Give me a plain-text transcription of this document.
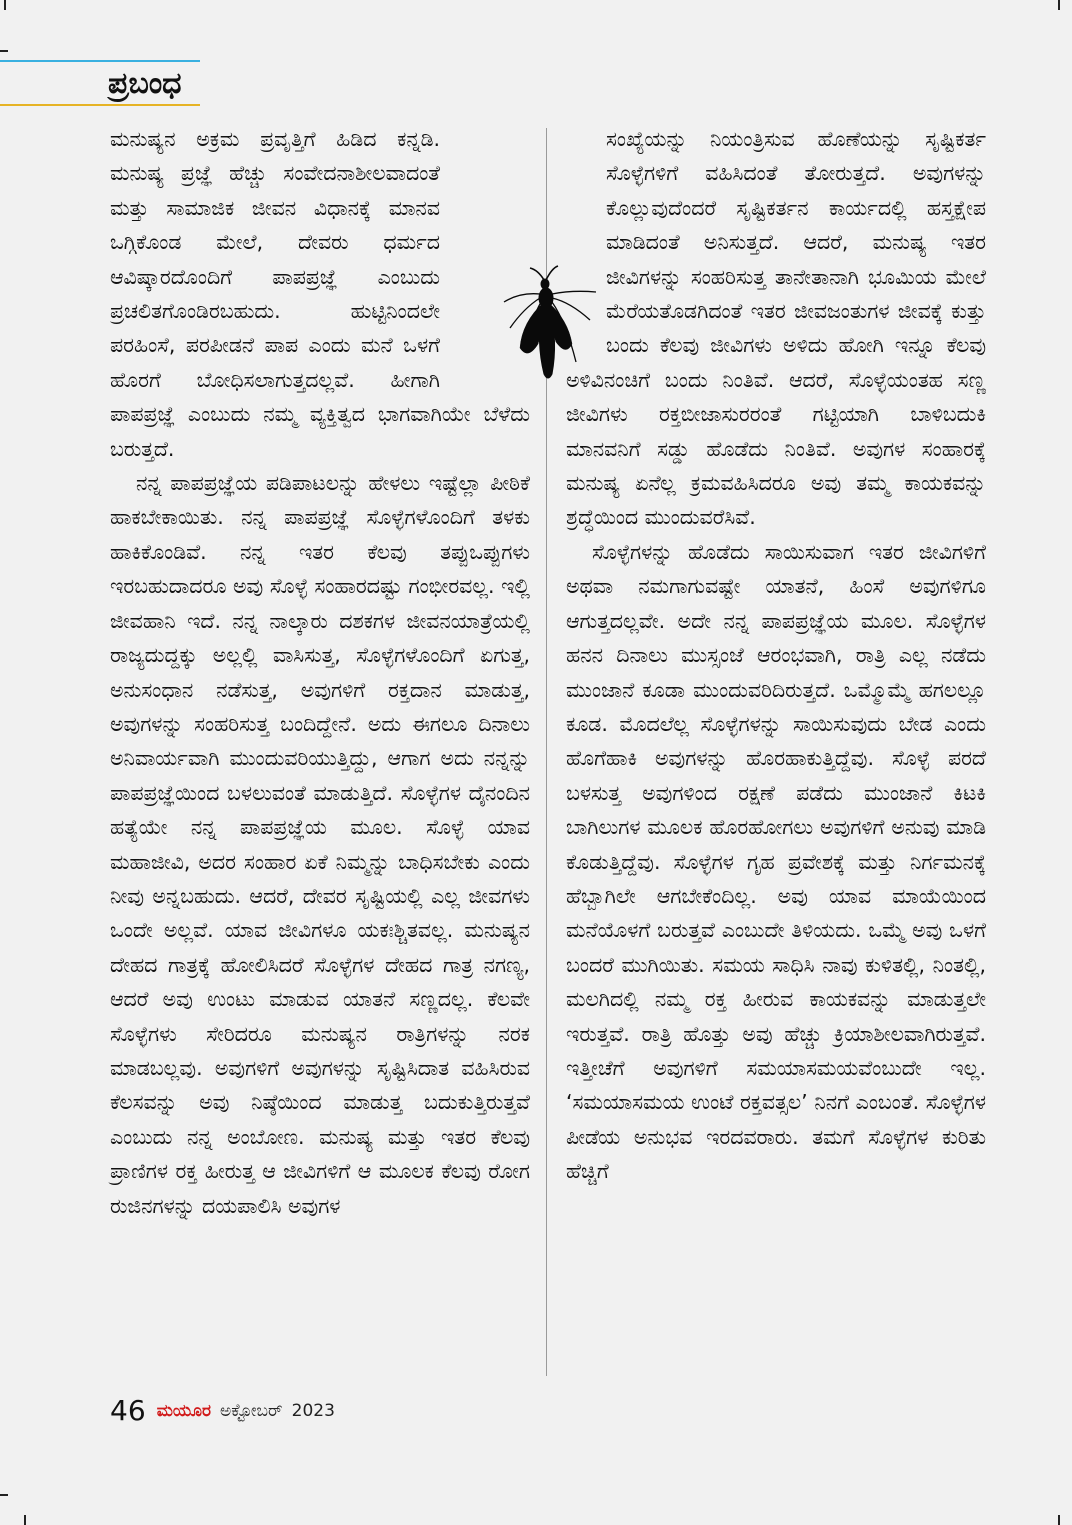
ಪ್ರಬಂಧ

ಮನುಷ್ಯನ ಅಕ್ರಮ ಪ್ರವೃತ್ತಿಗೆ ಹಿಡಿದ ಕನ್ನಡಿ. ಮನುಷ್ಯ ಪ್ರಜ್ಞೆ ಹೆಚ್ಚು ಸಂವೇದನಾಶೀಲವಾದಂತೆ ಮತ್ತು ಸಾಮಾಜಿಕ ಜೀವನ ವಿಧಾನಕ್ಕೆ ಮಾನವ ಒಗ್ಗಿಕೊಂಡ ಮೇಲೆ, ದೇವರು ಧರ್ಮದ ಆವಿಷ್ಕಾರದೊಂದಿಗೆ ಪಾಪಪ್ರಜ್ಞೆ ಎಂಬುದು ಪ್ರಚಲಿತಗೊಂಡಿರಬಹುದು. ಹುಟ್ಟಿನಿಂದಲೇ ಪರಹಿಂಸೆ, ಪರಪೀಡನೆ ಪಾಪ ಎಂದು ಮನೆ ಒಳಗೆ ಹೊರಗೆ ಬೋಧಿಸಲಾಗುತ್ತದಲ್ಲವೆ. ಹೀಗಾಗಿ ಪಾಪಪ್ರಜ್ಞೆ ಎಂಬುದು ನಮ್ಮ ವ್ಯಕ್ತಿತ್ವದ ಭಾಗವಾಗಿಯೇ ಬೆಳೆದು ಬರುತ್ತದೆ.

ನನ್ನ ಪಾಪಪ್ರಜ್ಞೆಯ ಪಡಿಪಾಟಲನ್ನು ಹೇಳಲು ಇಷ್ಟೆಲ್ಲಾ ಪೀಠಿಕೆ ಹಾಕಬೇಕಾಯಿತು. ನನ್ನ ಪಾಪಪ್ರಜ್ಞೆ ಸೊಳ್ಳೆಗಳೊಂದಿಗೆ ತಳಕು ಹಾಕಿಕೊಂಡಿವೆ. ನನ್ನ ಇತರ ಕೆಲವು ತಪ್ಪುಒಪ್ಪುಗಳು ಇರಬಹುದಾದರೂ ಅವು ಸೊಳ್ಳೆ ಸಂಹಾರದಷ್ಟು ಗಂಭೀರವಲ್ಲ. ಇಲ್ಲಿ ಜೀವಹಾನಿ ಇದೆ. ನನ್ನ ನಾಲ್ಕಾರು ದಶಕಗಳ ಜೀವನಯಾತ್ರೆಯಲ್ಲಿ ರಾಜ್ಯದುದ್ದಕ್ಕು ಅಲ್ಲಲ್ಲಿ ವಾಸಿಸುತ್ತ, ಸೊಳ್ಳೆಗಳೊಂದಿಗೆ ಏಗುತ್ತ, ಅನುಸಂಧಾನ ನಡೆಸುತ್ತ, ಅವುಗಳಿಗೆ ರಕ್ತದಾನ ಮಾಡುತ್ತ, ಅವುಗಳನ್ನು ಸಂಹರಿಸುತ್ತ ಬಂದಿದ್ದೇನೆ. ಅದು ಈಗಲೂ ದಿನಾಲು ಅನಿವಾರ್ಯವಾಗಿ ಮುಂದುವರಿಯುತ್ತಿದ್ದು, ಆಗಾಗ ಅದು ನನ್ನನ್ನು ಪಾಪಪ್ರಜ್ಞೆಯಿಂದ ಬಳಲುವಂತೆ ಮಾಡುತ್ತಿದೆ. ಸೊಳ್ಳೆಗಳ ದೈನಂದಿನ ಹತ್ಯೆಯೇ ನನ್ನ ಪಾಪಪ್ರಜ್ಞೆಯ ಮೂಲ. ಸೊಳ್ಳೆ ಯಾವ ಮಹಾಜೀವಿ, ಅದರ ಸಂಹಾರ ಏಕೆ ನಿಮ್ಮನ್ನು ಬಾಧಿಸಬೇಕು ಎಂದು ನೀವು ಅನ್ನಬಹುದು. ಆದರೆ, ದೇವರ ಸೃಷ್ಟಿಯಲ್ಲಿ ಎಲ್ಲ ಜೀವಗಳು ಒಂದೇ ಅಲ್ಲವೆ. ಯಾವ ಜೀವಿಗಳೂ ಯಕಃಶ್ಚಿತವಲ್ಲ. ಮನುಷ್ಯನ ದೇಹದ ಗಾತ್ರಕ್ಕೆ ಹೋಲಿಸಿದರೆ ಸೊಳ್ಳೆಗಳ ದೇಹದ ಗಾತ್ರ ನಗಣ್ಯ, ಆದರೆ ಅವು ಉಂಟು ಮಾಡುವ ಯಾತನೆ ಸಣ್ಣದಲ್ಲ. ಕೆಲವೇ ಸೊಳ್ಳೆಗಳು ಸೇರಿದರೂ ಮನುಷ್ಯನ ರಾತ್ರಿಗಳನ್ನು ನರಕ ಮಾಡಬಲ್ಲವು. ಅವುಗಳಿಗೆ ಅವುಗಳನ್ನು ಸೃಷ್ಟಿಸಿದಾತ ವಹಿಸಿರುವ ಕೆಲಸವನ್ನು ಅವು ನಿಷ್ಠೆಯಿಂದ ಮಾಡುತ್ತ ಬದುಕುತ್ತಿರುತ್ತವೆ ಎಂಬುದು ನನ್ನ ಅಂಬೋಣ. ಮನುಷ್ಯ ಮತ್ತು ಇತರ ಕೆಲವು ಪ್ರಾಣಿಗಳ ರಕ್ತ ಹೀರುತ್ತ ಆ ಜೀವಿಗಳಿಗೆ ಆ ಮೂಲಕ ಕೆಲವು ರೋಗ ರುಜಿನಗಳನ್ನು ದಯಪಾಲಿಸಿ ಅವುಗಳ

ಸಂಖ್ಯೆಯನ್ನು ನಿಯಂತ್ರಿಸುವ ಹೊಣೆಯನ್ನು ಸೃಷ್ಟಿಕರ್ತ ಸೊಳ್ಳೆಗಳಿಗೆ ವಹಿಸಿದಂತೆ ತೋರುತ್ತದೆ. ಅವುಗಳನ್ನು ಕೊಲ್ಲುವುದೆಂದರೆ ಸೃಷ್ಟಿಕರ್ತನ ಕಾರ್ಯದಲ್ಲಿ ಹಸ್ತಕ್ಷೇಪ ಮಾಡಿದಂತೆ ಅನಿಸುತ್ತದೆ. ಆದರೆ, ಮನುಷ್ಯ ಇತರ ಜೀವಿಗಳನ್ನು ಸಂಹರಿಸುತ್ತ ತಾನೇತಾನಾಗಿ ಭೂಮಿಯ ಮೇಲೆ ಮೆರೆಯತೊಡಗಿದಂತೆ ಇತರ ಜೀವಜಂತುಗಳ ಜೀವಕ್ಕೆ ಕುತ್ತು ಬಂದು ಕೆಲವು ಜೀವಿಗಳು ಅಳಿದು ಹೋಗಿ ಇನ್ನೂ ಕೆಲವು ಅಳಿವಿನಂಚಿಗೆ ಬಂದು ನಿಂತಿವೆ. ಆದರೆ, ಸೊಳ್ಳೆಯಂತಹ ಸಣ್ಣ ಜೀವಿಗಳು ರಕ್ತಬೀಜಾಸುರರಂತೆ ಗಟ್ಟಿಯಾಗಿ ಬಾಳಿಬದುಕಿ ಮಾನವನಿಗೆ ಸಡ್ಡು ಹೊಡೆದು ನಿಂತಿವೆ. ಅವುಗಳ ಸಂಹಾರಕ್ಕೆ ಮನುಷ್ಯ ಏನೆಲ್ಲ ಕ್ರಮವಹಿಸಿದರೂ ಅವು ತಮ್ಮ ಕಾಯಕವನ್ನು ಶ್ರದ್ಧೆಯಿಂದ ಮುಂದುವರೆಸಿವೆ.

ಸೊಳ್ಳೆಗಳನ್ನು ಹೊಡೆದು ಸಾಯಿಸುವಾಗ ಇತರ ಜೀವಿಗಳಿಗೆ ಅಥವಾ ನಮಗಾಗುವಷ್ಟೇ ಯಾತನೆ, ಹಿಂಸೆ ಅವುಗಳಿಗೂ ಆಗುತ್ತದಲ್ಲವೇ. ಅದೇ ನನ್ನ ಪಾಪಪ್ರಜ್ಞೆಯ ಮೂಲ. ಸೊಳ್ಳೆಗಳ ಹನನ ದಿನಾಲು ಮುಸ್ಸಂಜೆ ಆರಂಭವಾಗಿ, ರಾತ್ರಿ ಎಲ್ಲ ನಡೆದು ಮುಂಜಾನೆ ಕೂಡಾ ಮುಂದುವರಿದಿರುತ್ತದೆ. ಒಮ್ಮೊಮ್ಮೆ ಹಗಲಲ್ಲೂ ಕೂಡ. ಮೊದಲೆಲ್ಲ ಸೊಳ್ಳೆಗಳನ್ನು ಸಾಯಿಸುವುದು ಬೇಡ ಎಂದು ಹೊಗೆಹಾಕಿ ಅವುಗಳನ್ನು ಹೊರಹಾಕುತ್ತಿದ್ದೆವು. ಸೊಳ್ಳೆ ಪರದೆ ಬಳಸುತ್ತ ಅವುಗಳಿಂದ ರಕ್ಷಣೆ ಪಡೆದು ಮುಂಜಾನೆ ಕಿಟಕಿ ಬಾಗಿಲುಗಳ ಮೂಲಕ ಹೊರಹೋಗಲು ಅವುಗಳಿಗೆ ಅನುವು ಮಾಡಿ ಕೊಡುತ್ತಿದ್ದೆವು. ಸೊಳ್ಳೆಗಳ ಗೃಹ ಪ್ರವೇಶಕ್ಕೆ ಮತ್ತು ನಿರ್ಗಮನಕ್ಕೆ ಹೆಬ್ಬಾಗಿಲೇ ಆಗಬೇಕೆಂದಿಲ್ಲ. ಅವು ಯಾವ ಮಾಯೆಯಿಂದ ಮನೆಯೊಳಗೆ ಬರುತ್ತವೆ ಎಂಬುದೇ ತಿಳಿಯದು. ಒಮ್ಮೆ ಅವು ಒಳಗೆ ಬಂದರೆ ಮುಗಿಯಿತು. ಸಮಯ ಸಾಧಿಸಿ ನಾವು ಕುಳಿತಲ್ಲಿ, ನಿಂತಲ್ಲಿ, ಮಲಗಿದಲ್ಲಿ ನಮ್ಮ ರಕ್ತ ಹೀರುವ ಕಾಯಕವನ್ನು ಮಾಡುತ್ತಲೇ ಇರುತ್ತವೆ. ರಾತ್ರಿ ಹೊತ್ತು ಅವು ಹೆಚ್ಚು ಕ್ರಿಯಾಶೀಲವಾಗಿರುತ್ತವೆ. ಇತ್ತೀಚೆಗೆ ಅವುಗಳಿಗೆ ಸಮಯಾಸಮಯವೆಂಬುದೇ ಇಲ್ಲ. ‘ಸಮಯಾಸಮಯ ಉಂಟೆ ರಕ್ತವತ್ಸಲ’ ನಿನಗೆ ಎಂಬಂತೆ. ಸೊಳ್ಳೆಗಳ ಪೀಡೆಯ ಅನುಭವ ಇರದವರಾರು. ತಮಗೆ ಸೊಳ್ಳೆಗಳ ಕುರಿತು ಹೆಚ್ಚಿಗೆ

46 ಮಯೂರ ಅಕ್ಟೋಬರ್ 2023
